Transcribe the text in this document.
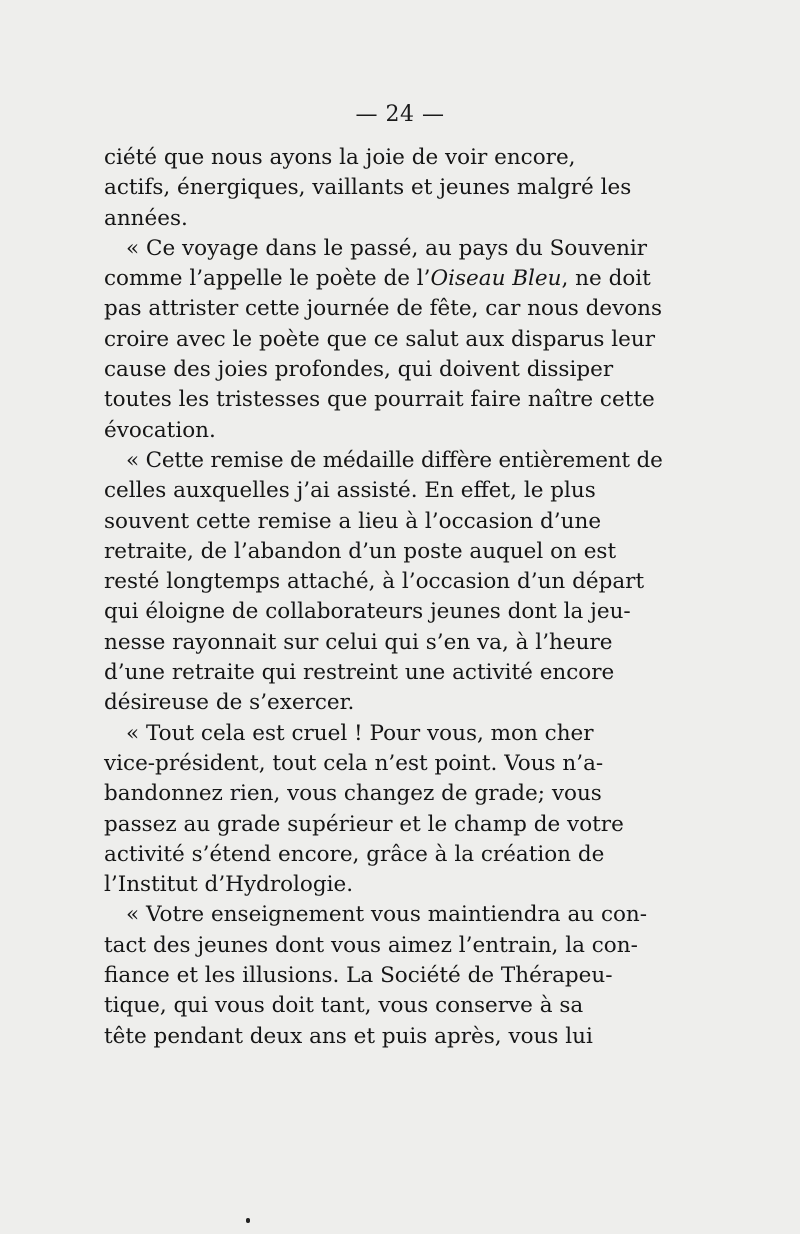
— 24 —
ciété que nous ayons la joie de voir encore,
actifs, énergiques, vaillants et jeunes malgré les
années.
« Ce voyage dans le passé, au pays du Souvenir
comme l’appelle le poète de l’Oiseau Bleu, ne doit
pas attrister cette journée de fête, car nous devons
croire avec le poète que ce salut aux disparus leur
cause des joies profondes, qui doivent dissiper
toutes les tristesses que pourrait faire naître cette
évocation.
« Cette remise de médaille diffère entièrement de
celles auxquelles j’ai assisté. En effet, le plus
souvent cette remise a lieu à l’occasion d’une
retraite, de l’abandon d’un poste auquel on est
resté longtemps attaché, à l’occasion d’un départ
qui éloigne de collaborateurs jeunes dont la jeu-
nesse rayonnait sur celui qui s’en va, à l’heure
d’une retraite qui restreint une activité encore
désireuse de s’exercer.
« Tout cela est cruel ! Pour vous, mon cher
vice-président, tout cela n’est point. Vous n’a-
bandonnez rien, vous changez de grade; vous
passez au grade supérieur et le champ de votre
activité s’étend encore, grâce à la création de
l’Institut d’Hydrologie.
« Votre enseignement vous maintiendra au con-
tact des jeunes dont vous aimez l’entrain, la con-
fiance et les illusions. La Société de Thérapeu-
tique, qui vous doit tant, vous conserve à sa
tête pendant deux ans et puis après, vous lui
